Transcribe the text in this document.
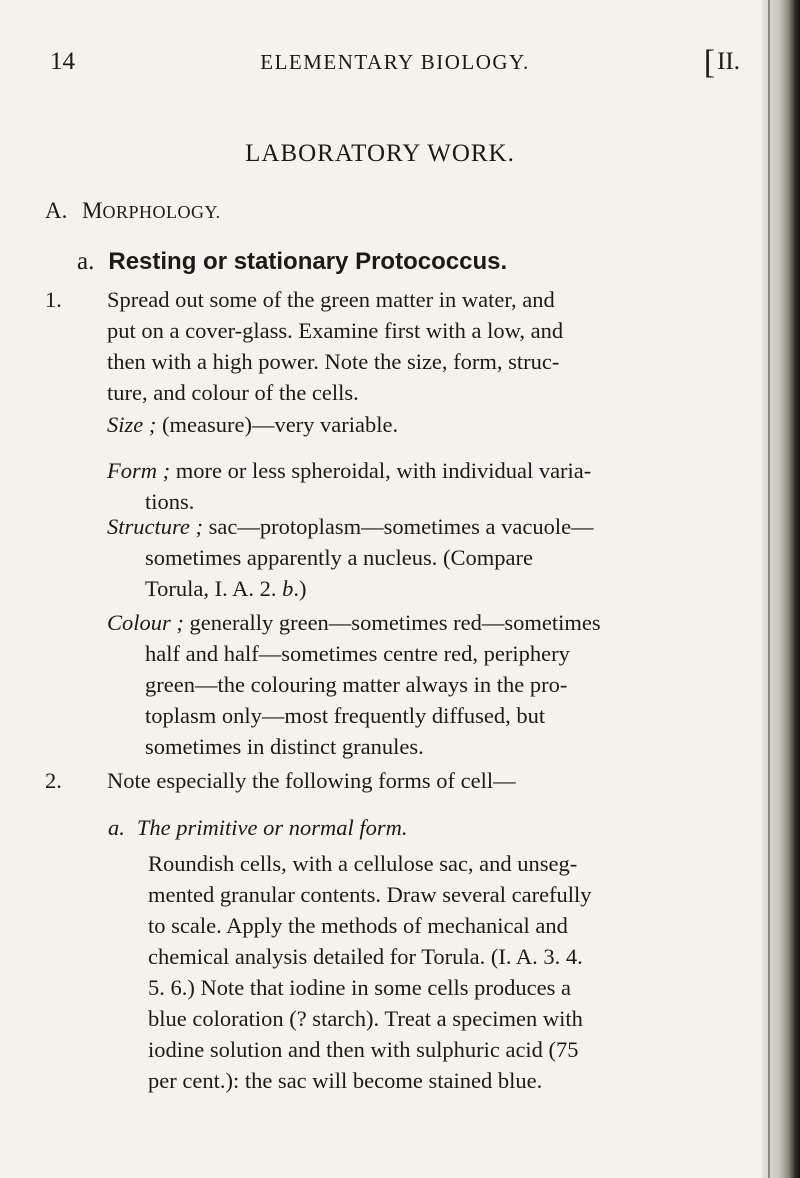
14	ELEMENTARY BIOLOGY.	[II.
LABORATORY WORK.
A. MORPHOLOGY.
a. Resting or stationary Protococcus.
1. Spread out some of the green matter in water, and

put on a cover-glass. Examine first with a low, and

then with a high power. Note the size, form, struc-

ture, and colour of the cells.

Size ; (measure)—very variable.

Form ; more or less spheroidal, with individual varia-
tions.

Structure ; sac—protoplasm—sometimes a vacuole—
sometimes apparently a nucleus. (Compare
Torula, I. A. 2. b.)

Colour ; generally green—sometimes red—sometimes
half and half—sometimes centre red, periphery
green—the colouring matter always in the pro-
toplasm only—most frequently diffused, but
sometimes in distinct granules.

2. Note especially the following forms of cell—
a. The primitive or normal form.

Roundish cells, with a cellulose sac, and unseg-

mented granular contents. Draw several carefully

to scale. Apply the methods of mechanical and

chemical analysis detailed for Torula. (I. A. 3. 4.

5. 6.) Note that iodine in some cells produces a

blue coloration (? starch). Treat a specimen with

iodine solution and then with sulphuric acid (75

per cent.): the sac will become stained blue.
